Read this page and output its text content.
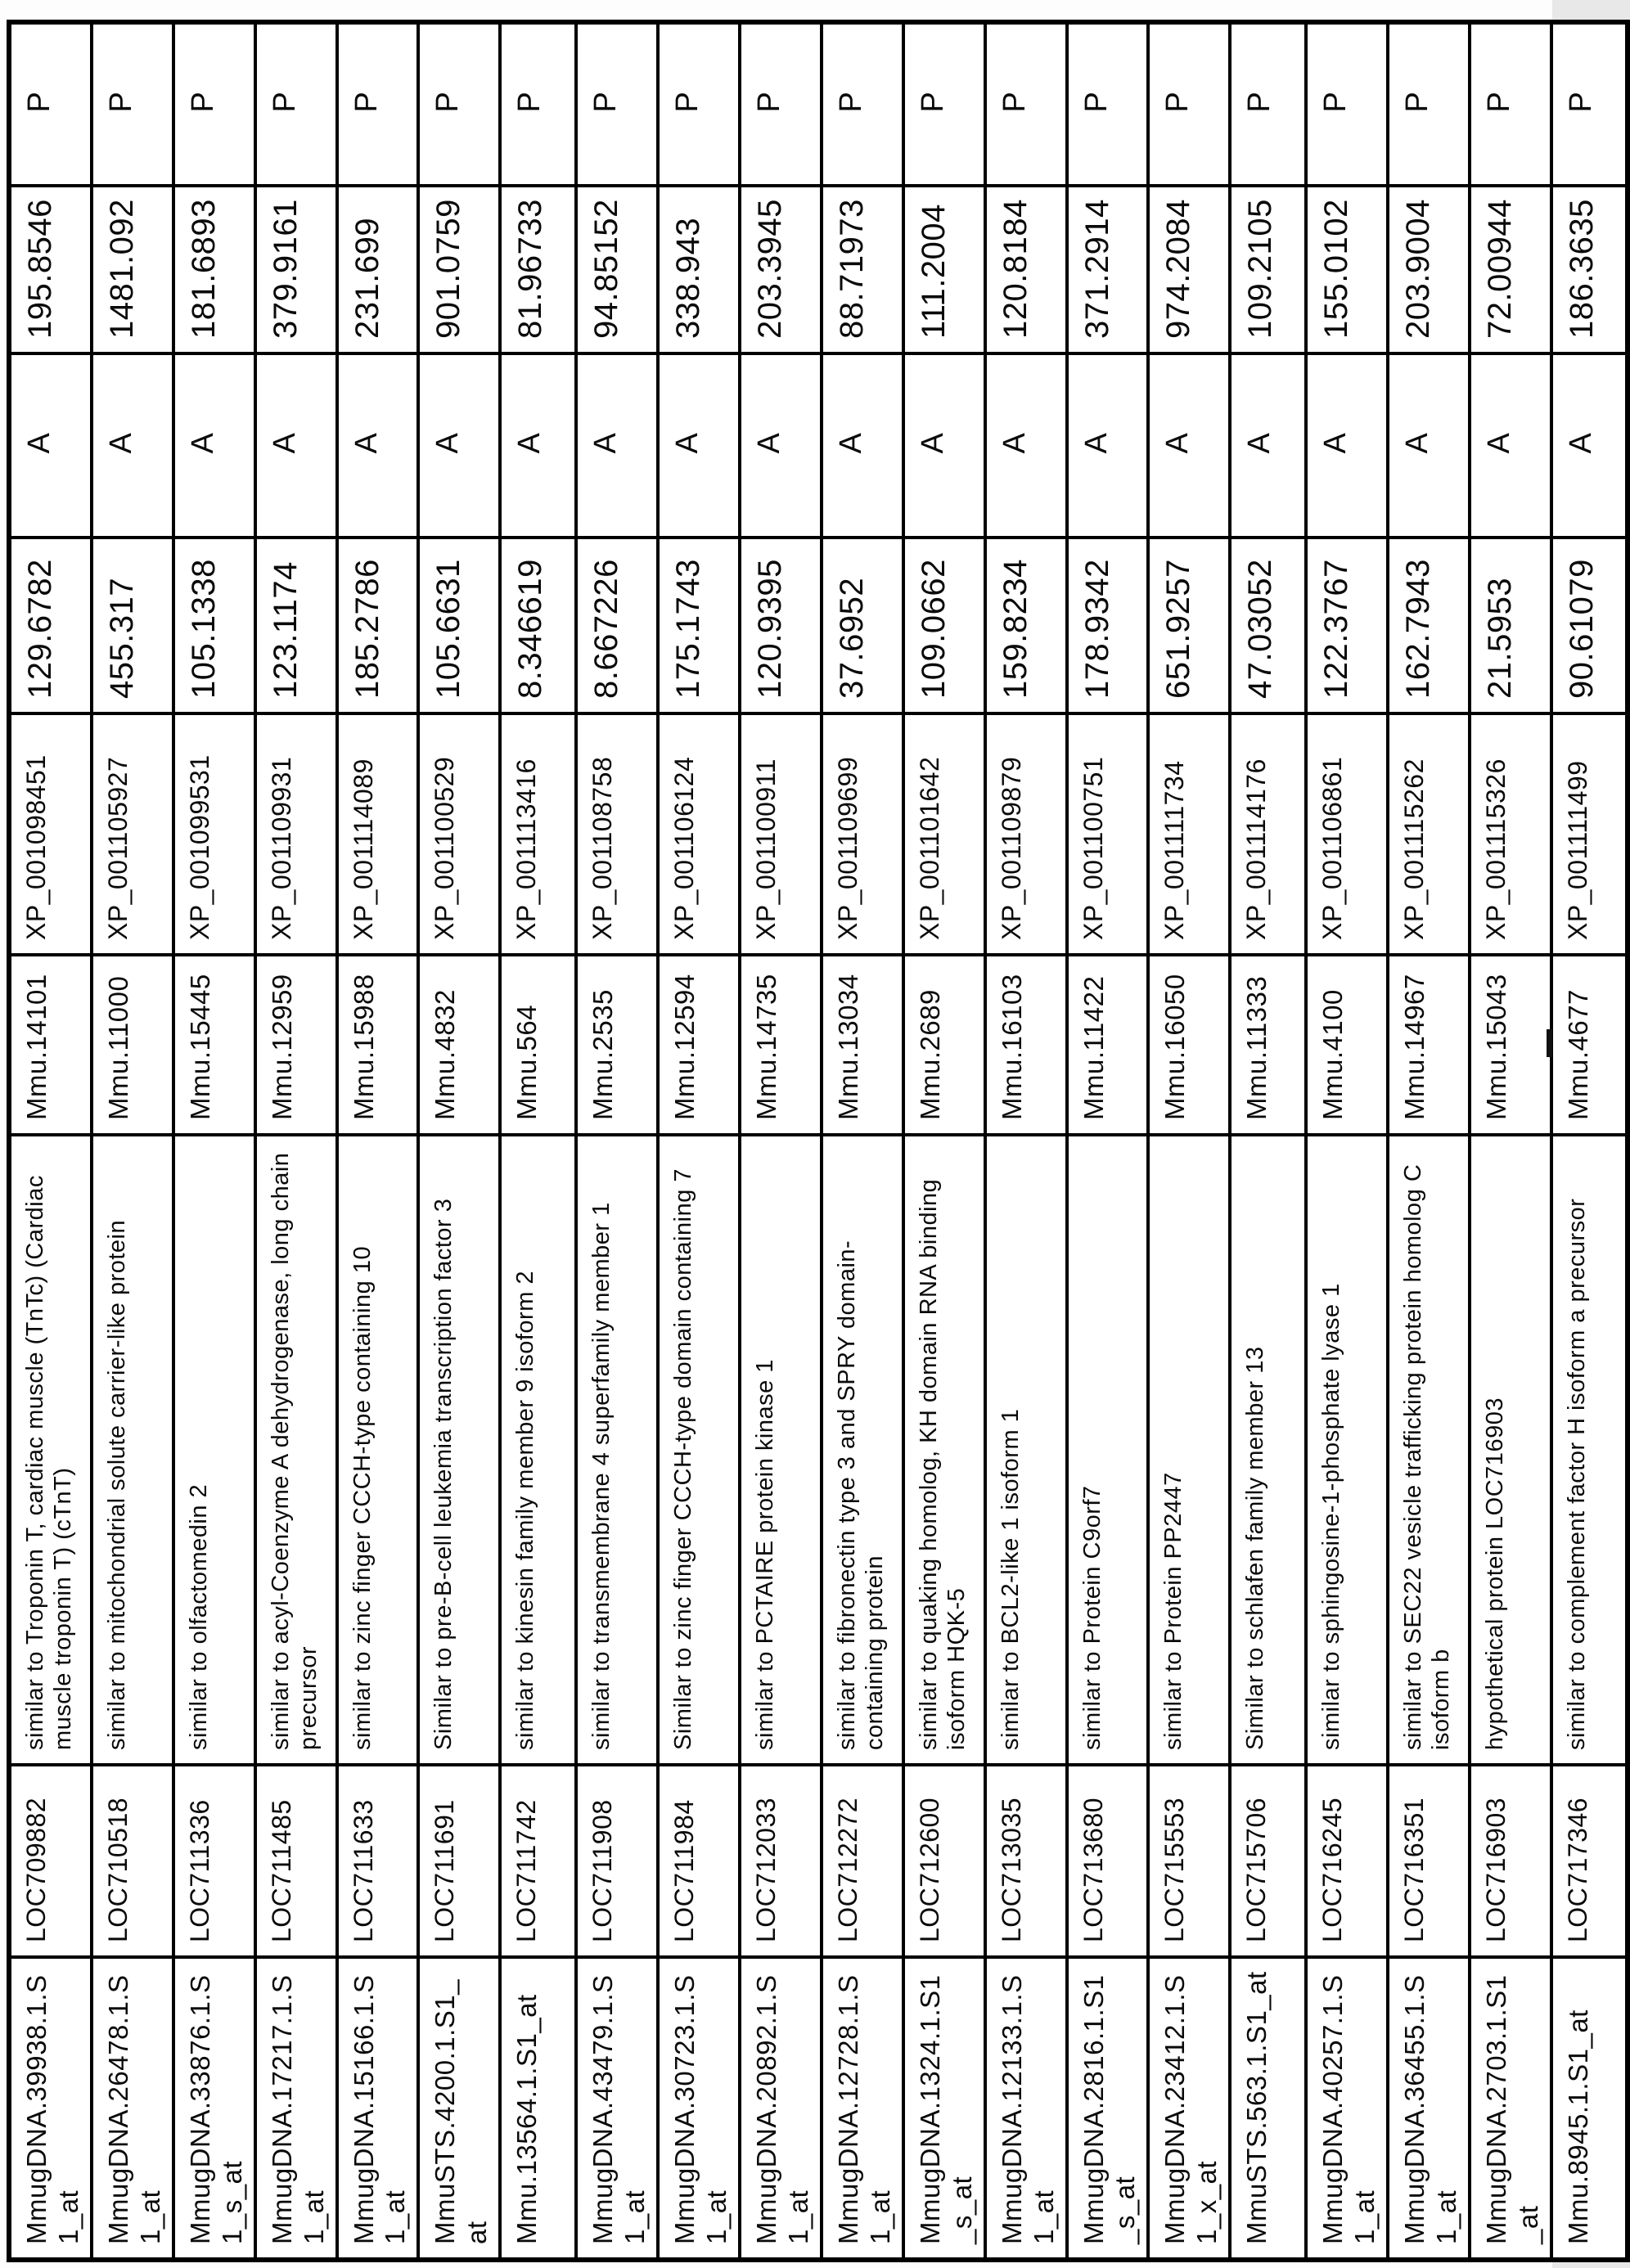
MmugDNA.39938.1.S1_at	LOC709882	similar to Troponin T, cardiac muscle (TnTc) (Cardiac muscle troponin T) (cTnT)	Mmu.14101	XP_001098451	129.6782	A	195.8546	P
MmugDNA.26478.1.S1_at	LOC710518	similar to mitochondrial solute carrier-like protein	Mmu.11000	XP_001105927	455.317	A	1481.092	P
MmugDNA.33876.1.S1_s_at	LOC711336	similar to olfactomedin 2	Mmu.15445	XP_001099531	105.1338	A	181.6893	P
MmugDNA.17217.1.S1_at	LOC711485	similar to acyl-Coenzyme A dehydrogenase, long chain precursor	Mmu.12959	XP_001109931	123.1174	A	379.9161	P
MmugDNA.15166.1.S1_at	LOC711633	similar to zinc finger CCCH-type containing 10	Mmu.15988	XP_001114089	185.2786	A	231.699	P
MmuSTS.4200.1.S1_at	LOC711691	Similar to pre-B-cell leukemia transcription factor 3	Mmu.4832	XP_001100529	105.6631	A	901.0759	P
Mmu.13564.1.S1_at	LOC711742	similar to kinesin family member 9 isoform 2	Mmu.564	XP_001113416	8.346619	A	81.96733	P
MmugDNA.43479.1.S1_at	LOC711908	similar to transmembrane 4 superfamily member 1	Mmu.2535	XP_001108758	8.667226	A	94.85152	P
MmugDNA.30723.1.S1_at	LOC711984	Similar to zinc finger CCCH-type domain containing 7	Mmu.12594	XP_001106124	175.1743	A	338.943	P
MmugDNA.20892.1.S1_at	LOC712033	similar to PCTAIRE protein kinase 1	Mmu.14735	XP_001100911	120.9395	A	203.3945	P
MmugDNA.12728.1.S1_at	LOC712272	similar to fibronectin type 3 and SPRY domain-containing protein	Mmu.13034	XP_001109699	37.6952	A	88.71973	P
MmugDNA.1324.1.S1_s_at	LOC712600	similar to quaking homolog, KH domain RNA binding isoform HQK-5	Mmu.2689	XP_001101642	109.0662	A	111.2004	P
MmugDNA.12133.1.S1_at	LOC713035	similar to BCL2-like 1 isoform 1	Mmu.16103	XP_001109879	159.8234	A	120.8184	P
MmugDNA.2816.1.S1_s_at	LOC713680	similar to Protein C9orf7	Mmu.11422	XP_001100751	178.9342	A	371.2914	P
MmugDNA.23412.1.S1_x_at	LOC715553	similar to Protein PP2447	Mmu.16050	XP_001111734	651.9257	A	974.2084	P
MmuSTS.563.1.S1_at	LOC715706	Similar to schlafen family member 13	Mmu.11333	XP_001114176	47.03052	A	109.2105	P
MmugDNA.40257.1.S1_at	LOC716245	similar to sphingosine-1-phosphate lyase 1	Mmu.4100	XP_001106861	122.3767	A	155.0102	P
MmugDNA.36455.1.S1_at	LOC716351	similar to SEC22 vesicle trafficking protein homolog C isoform b	Mmu.14967	XP_001115262	162.7943	A	203.9004	P
MmugDNA.2703.1.S1_at	LOC716903	hypothetical protein LOC716903	Mmu.15043	XP_001115326	21.5953	A	72.00944	P
Mmu.8945.1.S1_at	LOC717346	similar to complement factor H isoform a precursor	Mmu.4677	XP_001111499	90.61079	A	186.3635	P
